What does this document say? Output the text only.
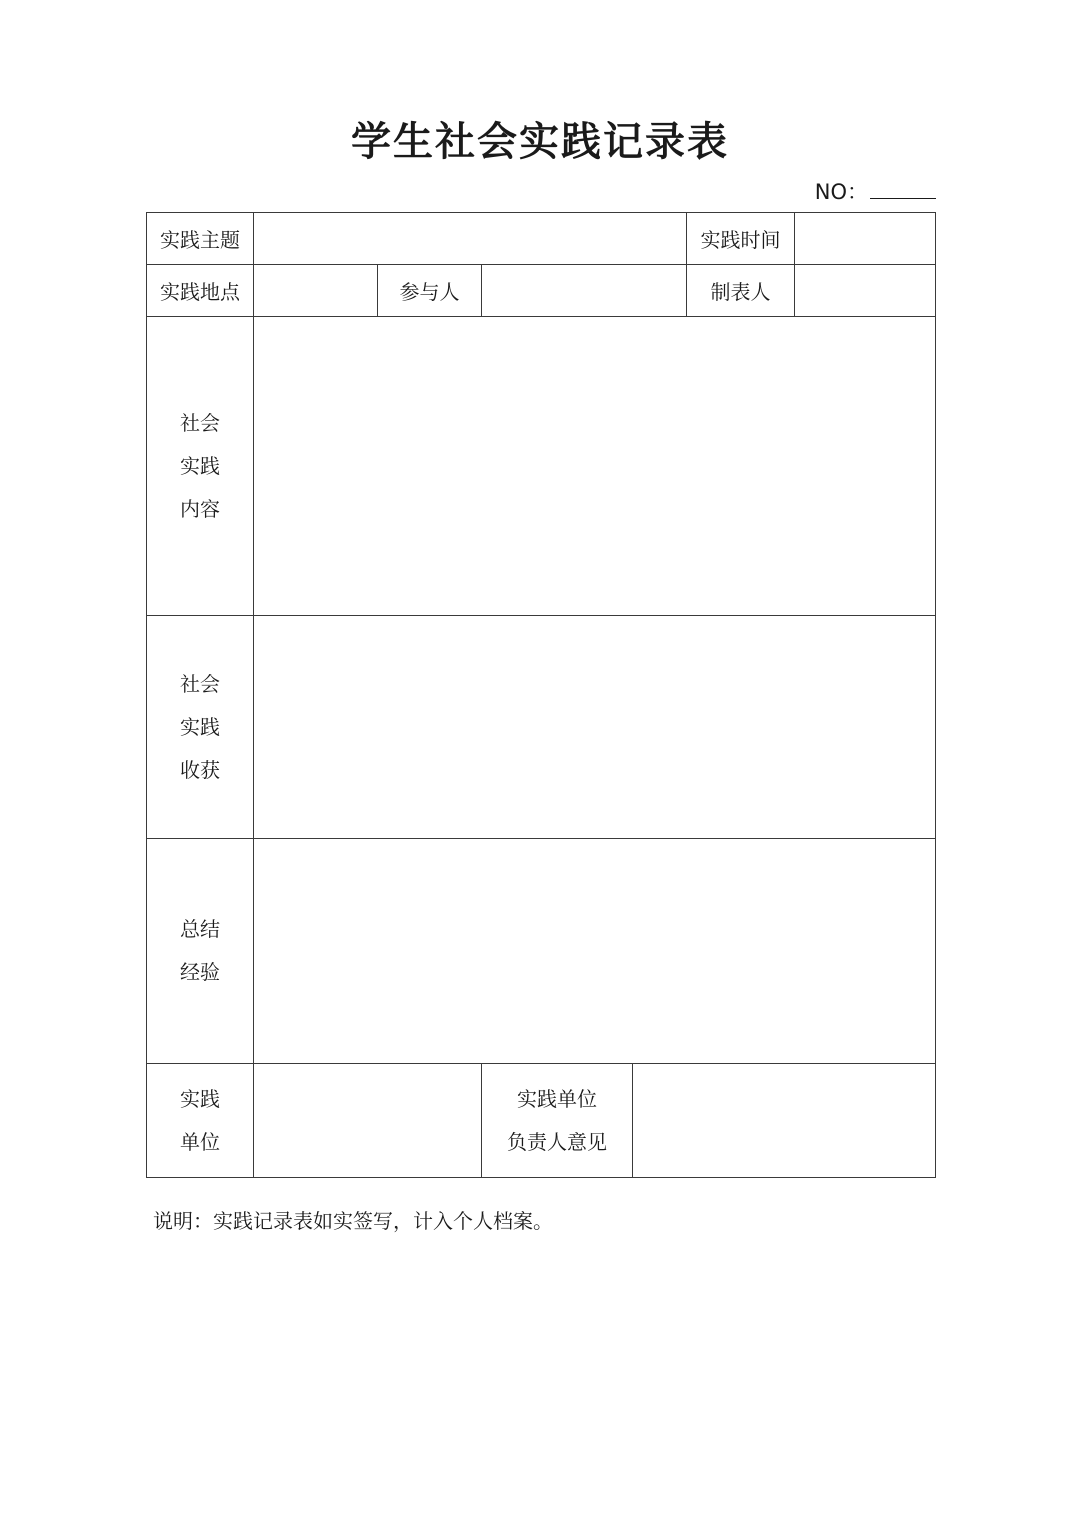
学生社会实践记录表
NO：
实践主题					实践时间	
实践地点		参与人			制表人	

社会
实践
内容						

社会
实践
收获						

总结
经验						

实践
单位			实践单位
负责人意见			

说明：实践记录表如实签写，计入个人档案。
